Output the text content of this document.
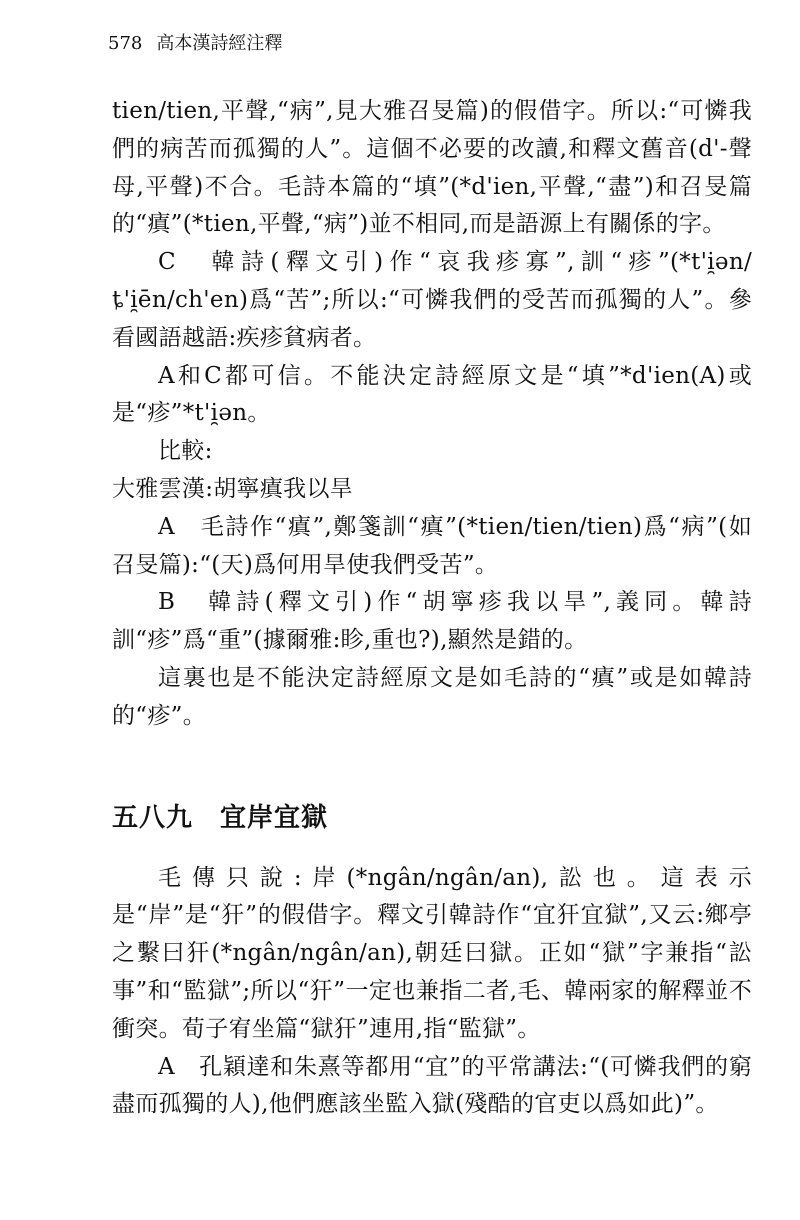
578 高本漢詩經注釋

tien/tien,平聲,“病”,見大雅召旻篇)的假借字。所以:“可憐我們的病苦而孤獨的人”。這個不必要的改讀,和釋文舊音(d'-聲母,平聲)不合。毛詩本篇的“填”(*d'ien,平聲,“盡”)和召旻篇的“瘨”(*tien,平聲,“病”)並不相同,而是語源上有關係的字。

C　韓詩(釋文引)作“哀我疹寡”,訓“疹”(*t'i̯ən/ȶ'i̯ēn/ch'en)爲“苦”;所以:“可憐我們的受苦而孤獨的人”。參看國語越語:疾疹貧病者。

A和C都可信。不能決定詩經原文是“填”*d'ien(A)或是“疹”*t'i̯ən。

比較:

大雅雲漢:胡寧瘨我以旱

A　毛詩作“瘨”,鄭箋訓“瘨”(*tien/tien/tien)爲“病”(如召旻篇):“(天)爲何用旱使我們受苦”。

B　韓詩(釋文引)作“胡寧疹我以旱”,義同。韓詩訓“疹”爲“重”(據爾雅:眕,重也?),顯然是錯的。

這裏也是不能決定詩經原文是如毛詩的“瘨”或是如韓詩的“疹”。

五八九　宜岸宜獄

毛傳只說:岸(*ngân/ngân/an),訟也。這表示是“岸”是“犴”的假借字。釋文引韓詩作“宜犴宜獄”,又云:鄉亭之繫曰犴(*ngân/ngân/an),朝廷曰獄。正如“獄”字兼指“訟事”和“監獄”;所以“犴”一定也兼指二者,毛、韓兩家的解釋並不衝突。荀子宥坐篇“獄犴”連用,指“監獄”。

A　孔穎達和朱熹等都用“宜”的平常講法:“(可憐我們的窮盡而孤獨的人),他們應該坐監入獄(殘酷的官吏以爲如此)”。
